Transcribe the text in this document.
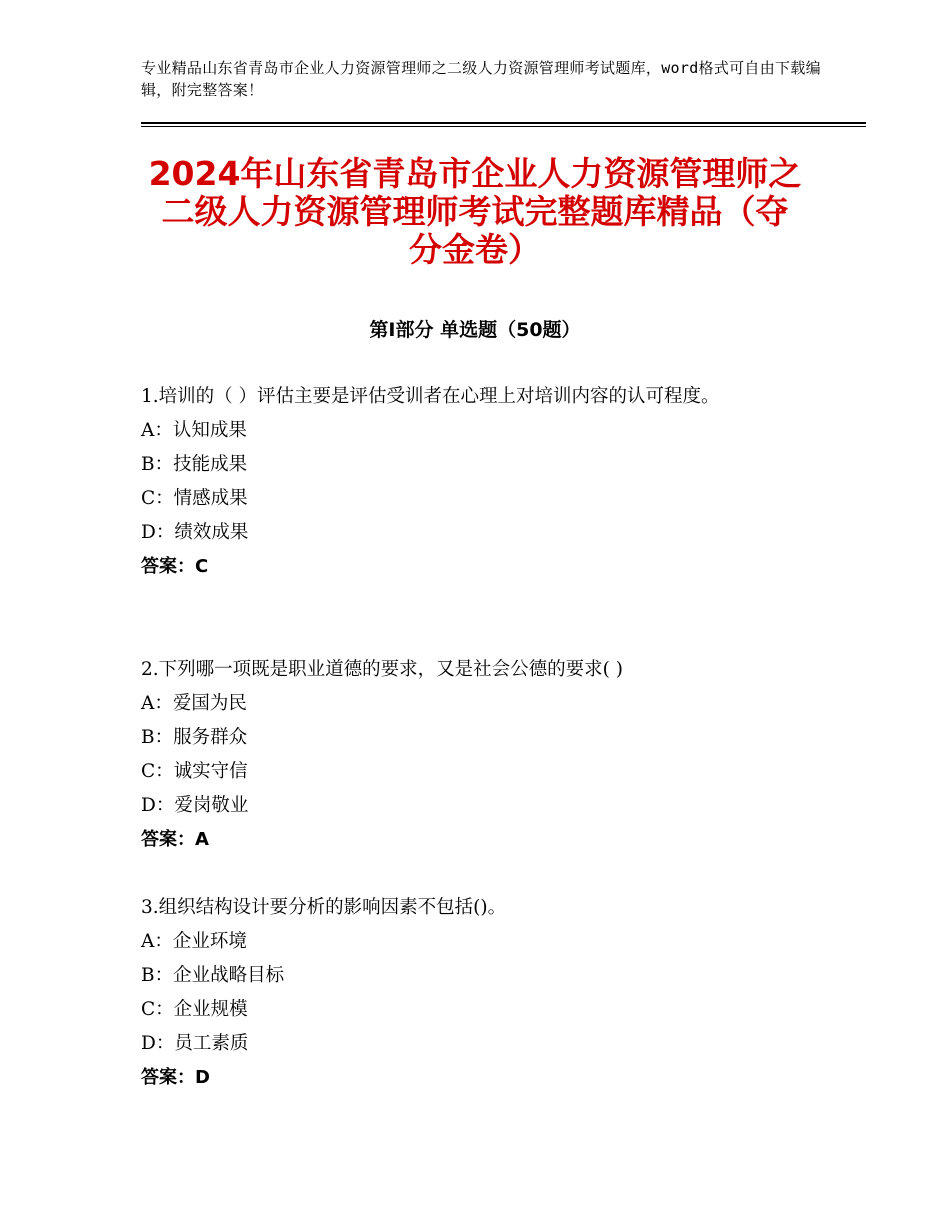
专业精品山东省青岛市企业人力资源管理师之二级人力资源管理师考试题库，word格式可自由下载编辑，附完整答案！
2024年山东省青岛市企业人力资源管理师之
二级人力资源管理师考试完整题库精品（夺
分金卷）
第Ⅰ部分 单选题（50题）
1.培训的（ ）评估主要是评估受训者在心理上对培训内容的认可程度。
A：认知成果
B：技能成果
C：情感成果
D：绩效成果
答案：C
2.下列哪一项既是职业道德的要求，又是社会公德的要求( )
A：爱国为民
B：服务群众
C：诚实守信
D：爱岗敬业
答案：A
3.组织结构设计要分析的影响因素不包括()。
A：企业环境
B：企业战略目标
C：企业规模
D：员工素质
答案：D
